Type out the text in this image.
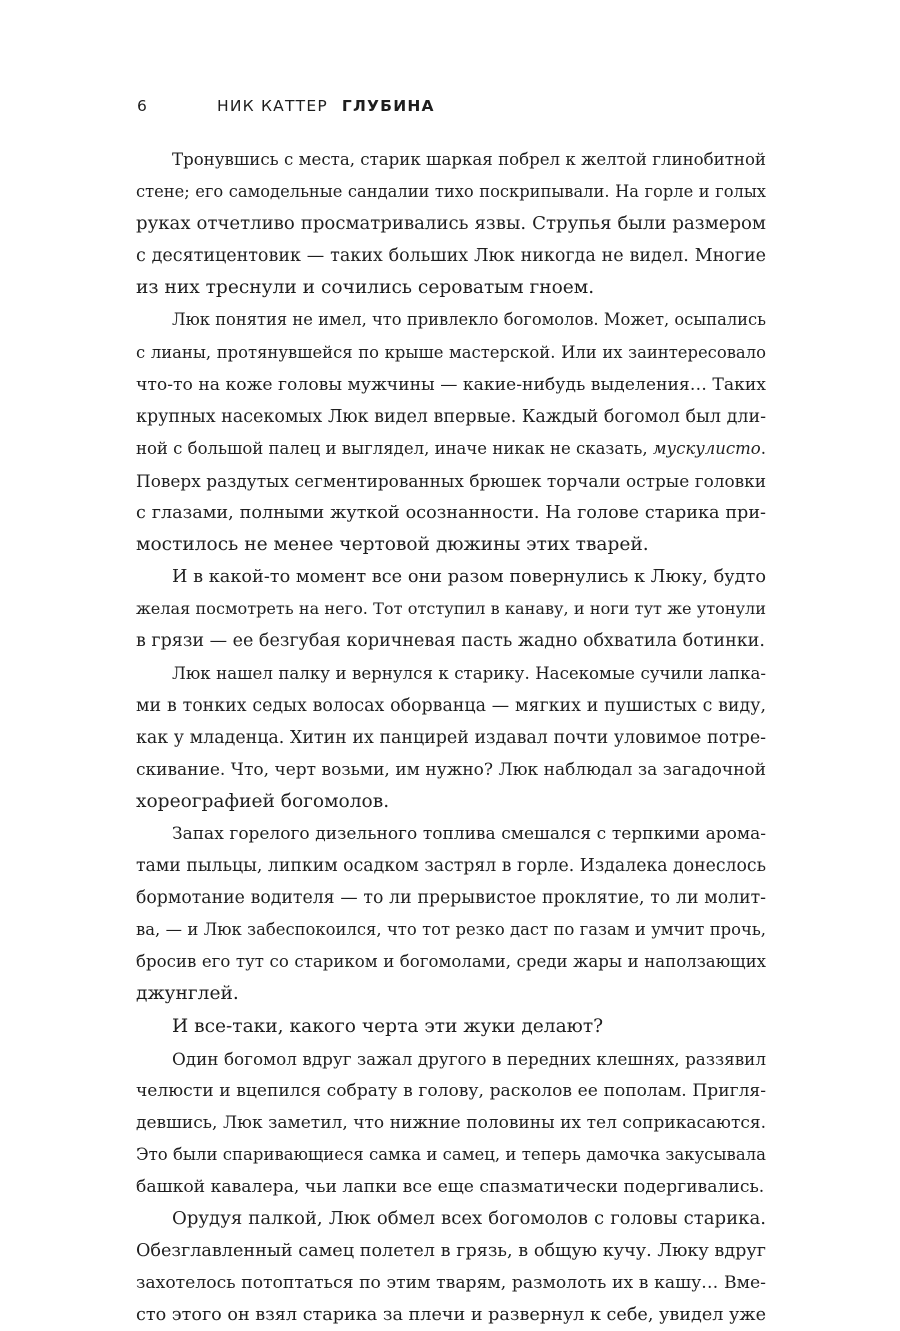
6	НИК КАТТЕР ГЛУБИНА
Тронувшись с места, старик шаркая побрел к желтой глинобитной
стене; его самодельные сандалии тихо поскрипывали. На горле и голых
руках отчетливо просматривались язвы. Струпья были размером
с десятицентовик — таких больших Люк никогда не видел. Многие
из них треснули и сочились сероватым гноем.
Люк понятия не имел, что привлекло богомолов. Может, осыпались
с лианы, протянувшейся по крыше мастерской. Или их заинтересовало
что-то на коже головы мужчины — какие-нибудь выделения… Таких
крупных насекомых Люк видел впервые. Каждый богомол был дли-
ной с большой палец и выглядел, иначе никак не сказать, мускулисто.
Поверх раздутых сегментированных брюшек торчали острые головки
с глазами, полными жуткой осознанности. На голове старика при-
мостилось не менее чертовой дюжины этих тварей.
И в какой-то момент все они разом повернулись к Люку, будто
желая посмотреть на него. Тот отступил в канаву, и ноги тут же утонули
в грязи — ее безгубая коричневая пасть жадно обхватила ботинки.
Люк нашел палку и вернулся к старику. Насекомые сучили лапка-
ми в тонких седых волосах оборванца — мягких и пушистых с виду,
как у младенца. Хитин их панцирей издавал почти уловимое потре-
скивание. Что, черт возьми, им нужно? Люк наблюдал за загадочной
хореографией богомолов.
Запах горелого дизельного топлива смешался с терпкими арома-
тами пыльцы, липким осадком застрял в горле. Издалека донеслось
бормотание водителя — то ли прерывистое проклятие, то ли молит-
ва, — и Люк забеспокоился, что тот резко даст по газам и умчит прочь,
бросив его тут со стариком и богомолами, среди жары и наползающих
джунглей.
И все-таки, какого черта эти жуки делают?
Один богомол вдруг зажал другого в передних клешнях, раззявил
челюсти и вцепился собрату в голову, расколов ее пополам. Пригля-
девшись, Люк заметил, что нижние половины их тел соприкасаются.
Это были спаривающиеся самка и самец, и теперь дамочка закусывала
башкой кавалера, чьи лапки все еще спазматически подергивались.
Орудуя палкой, Люк обмел всех богомолов с головы старика.
Обезглавленный самец полетел в грязь, в общую кучу. Люку вдруг
захотелось потоптаться по этим тварям, размолоть их в кашу… Вме-
сто этого он взял старика за плечи и развернул к себе, увидел уже
